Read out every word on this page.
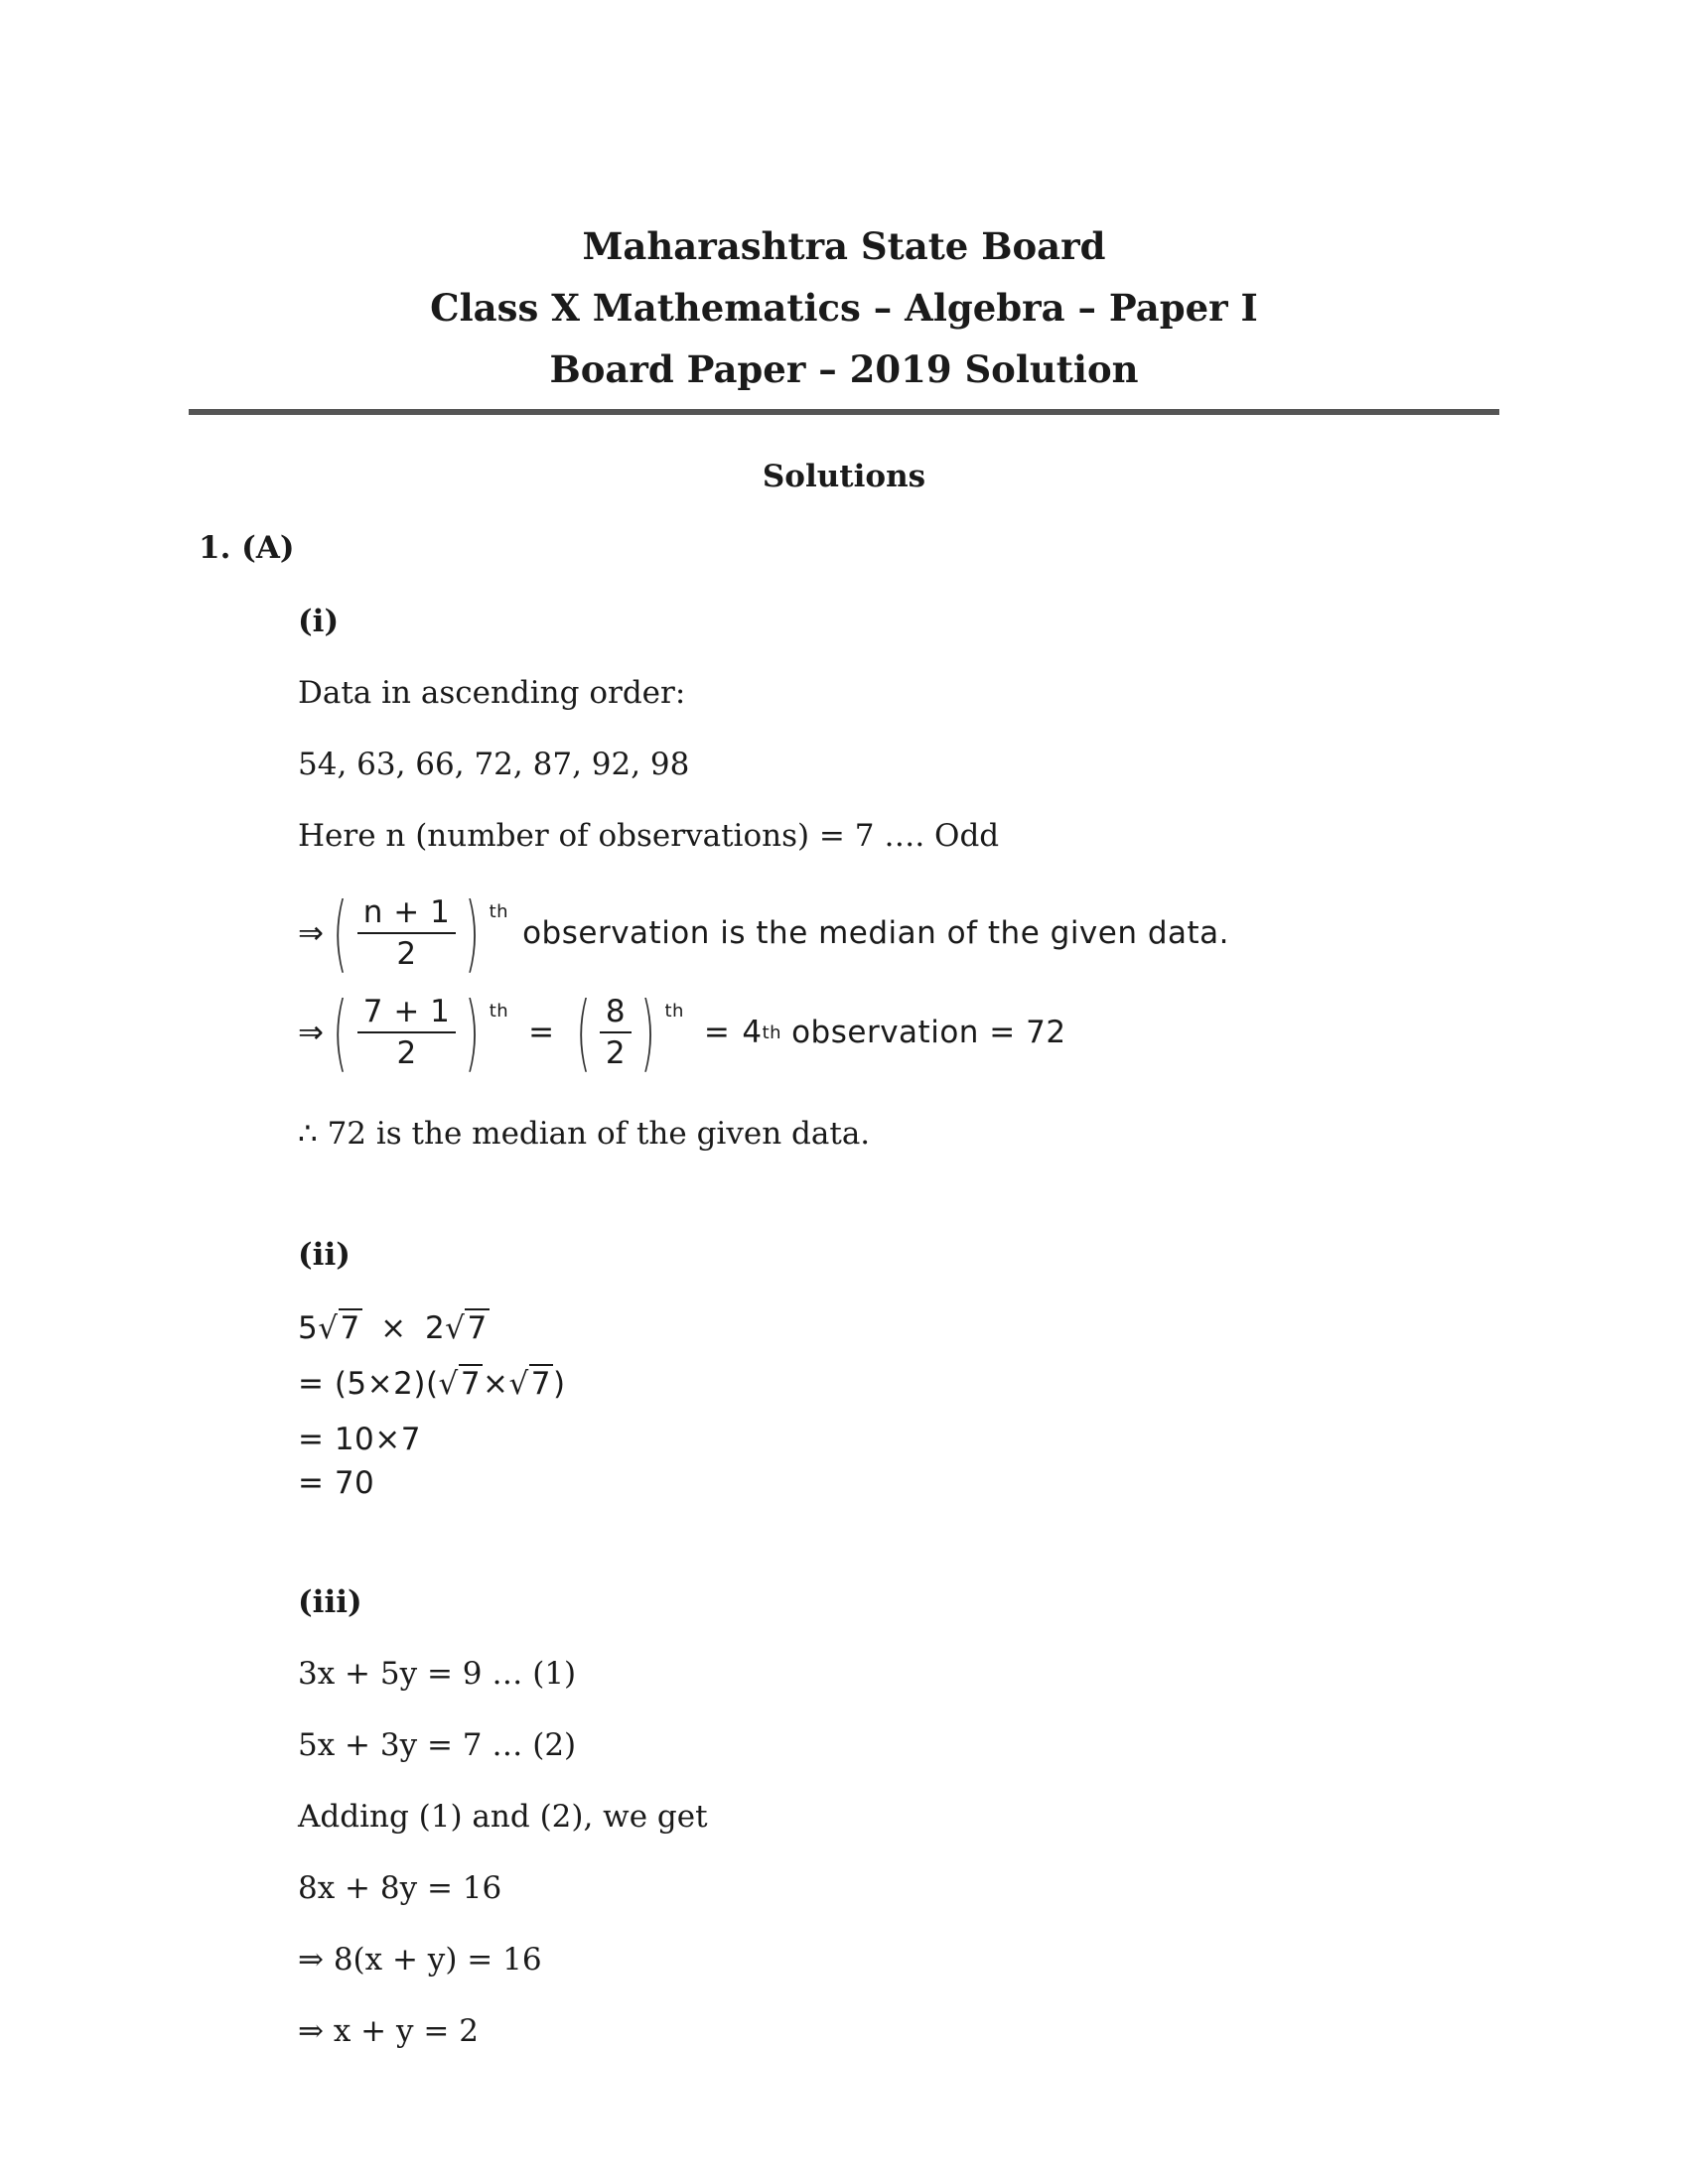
Maharashtra State Board
Class X Mathematics – Algebra – Paper I
Board Paper – 2019 Solution
Solutions
1. (A)
(i)
Data in ascending order:
54, 63, 66, 72, 87, 92, 98
Here n (number of observations) = 7 …. Odd
⇒ ( $\frac{n + 1}{2}$ ) th
observation is the median of the given data.
⇒ ( $\frac{7 + 1}{2}$ ) th
= ( $\frac{8}{2}$ ) th
= 4 th observation = 72
∴ 72 is the median of the given data.
(ii)
5√7 × 2√7
= (5×2)(√7×√7)
= 10×7
= 70
(iii)
3x + 5y = 9 … (1)
5x + 3y = 7 … (2)
Adding (1) and (2), we get
8x + 8y = 16
⇒ 8(x + y) = 16
⇒ x + y = 2
